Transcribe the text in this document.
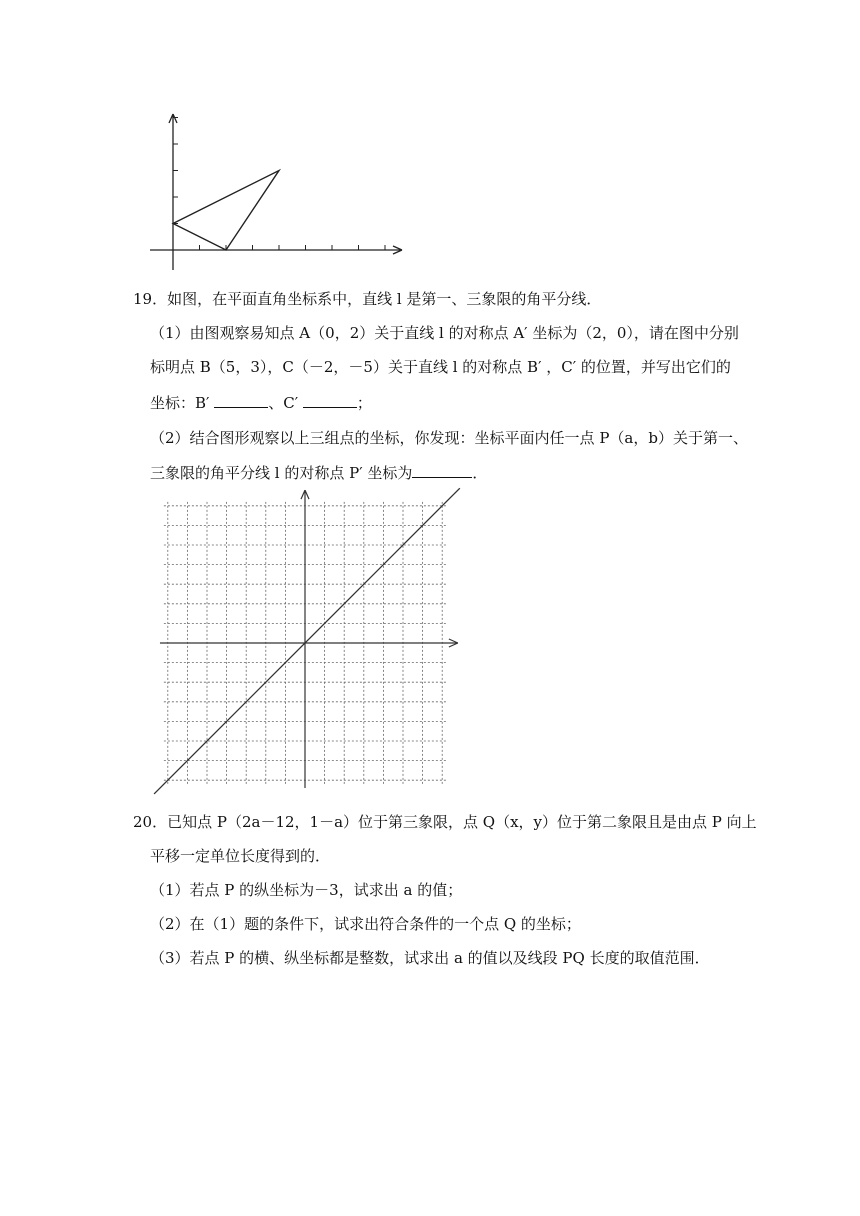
19．如图，在平面直角坐标系中，直线 l 是第一、三象限的角平分线．
（1）由图观察易知点 A（0，2）关于直线 l 的对称点 A′ 坐标为（2，0），请在图中分别
标明点 B（5，3），C（－2，－5）关于直线 l 的对称点 B′ ，C′ 的位置，并写出它们的
坐标：B′	、C′	；
（2）结合图形观察以上三组点的坐标，你发现：坐标平面内任一点 P（a，b）关于第一、
三象限的角平分线 l 的对称点 P′ 坐标为	．
20．已知点 P（2a－12，1－a）位于第三象限，点 Q（x，y）位于第二象限且是由点 P 向上
平移一定单位长度得到的．
（1）若点 P 的纵坐标为－3，试求出 a 的值；
（2）在（1）题的条件下，试求出符合条件的一个点 Q 的坐标；
（3）若点 P 的横、纵坐标都是整数，试求出 a 的值以及线段 PQ 长度的取值范围．
